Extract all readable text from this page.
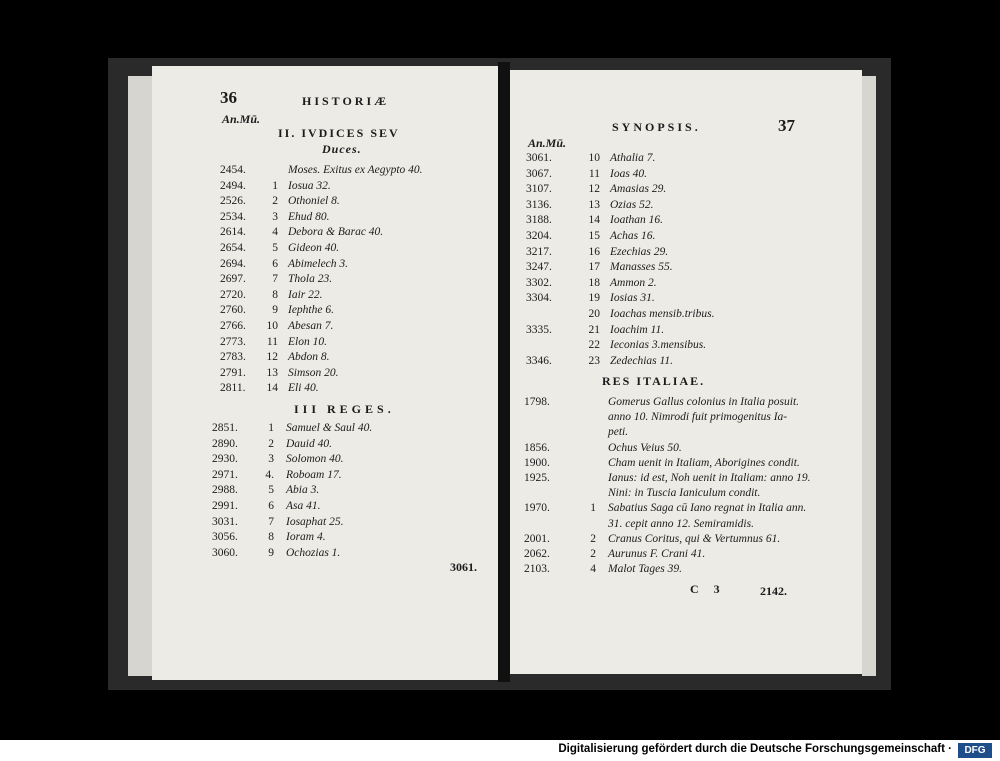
36	HISTORIÆ
An.Mū.
II. IVDICES SEV
Duces.
2454.	Moses. Exitus ex Aegypto 40.
2494.	1 Iosua 32.
2526.	2 Othoniel 8.
2534.	3 Ehud 80.
2614.	4 Debora & Barac 40.
2654.	5 Gideon 40.
2694.	6 Abimelech 3.
2697.	7 Thola 23.
2720.	8 Iair 22.
2760.	9 Iephthe 6.
2766.	10 Abesan 7.
2773.	11 Elon 10.
2783.	12 Abdon 8.
2791.	13 Simson 20.
2811.	14 Eli 40.
III REGES.
2851.	1 Samuel & Saul 40.
2890.	2 Dauid 40.
2930.	3 Solomon 40.
2971.	4. Roboam 17.
2988.	5 Abia 3.
2991.	6 Asa 41.
3031.	7 Iosaphat 25.
3056.	8 Ioram 4.
3060.	9 Ochozias 1.
3061.
SYNOPSIS.	37
An.Mū.
3061.	10 Athalia 7.
3067.	11 Ioas 40.
3107.	12 Amasias 29.
3136.	13 Ozias 52.
3188.	14 Ioathan 16.
3204.	15 Achas 16.
3217.	16 Ezechias 29.
3247.	17 Manasses 55.
3302.	18 Ammon 2.
3304.	19 Iosias 31.
20 Ioachas mensib.tribus.
3335.	21 Ioachim 11.
22 Ieconias 3.mensibus.
3346.	23 Zedechias 11.
RES ITALIAE.
1798.	Gomerus Gallus colonius in Italia posuit.
anno 10. Nimrodi fuit primogenitus Ia-
peti.
1856.	Ochus Veius 50.
1900.	Cham uenit in Italiam, Aborigines condit.
1925.	Ianus: id est, Noh uenit in Italiam: anno 19.
Nini: in Tuscia Ianiculum condit.
1970.	1 Sabatius Saga cū Iano regnat in Italia ann.
31. cepit anno 12. Semiramidis.
2001.	2 Cranus Coritus, qui & Vertumnus 61.
2062.	2 Aurunus F. Crani 41.
2103.	4 Malot Tages 39.
C 3	2142.
Digitalisierung gefördert durch die Deutsche Forschungsgemeinschaft ·	DFG
